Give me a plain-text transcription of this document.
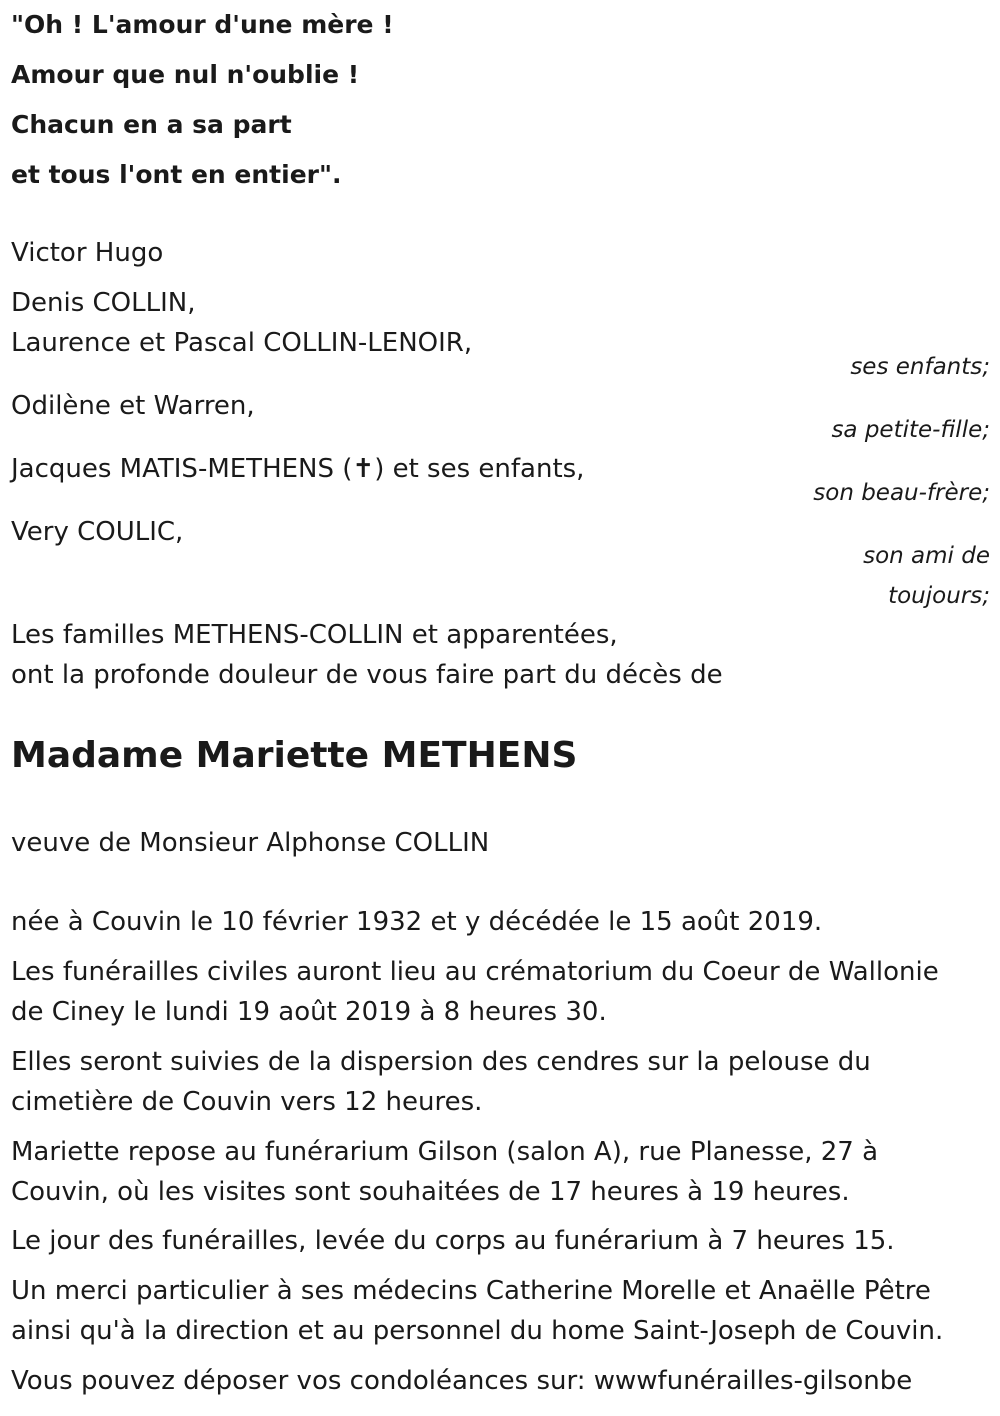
"Oh ! L'amour d'une mère !
Amour que nul n'oublie !
Chacun en a sa part
et tous l'ont en entier".
Victor Hugo
Denis COLLIN,
Laurence et Pascal COLLIN-LENOIR,
ses enfants;
Odilène et Warren,
sa petite-fille;
Jacques MATIS-METHENS (✝) et ses enfants,
son beau-frère;
Very COULIC,
son ami de
toujours;
Les familles METHENS-COLLIN et apparentées,
ont la profonde douleur de vous faire part du décès de
Madame Mariette METHENS
veuve de Monsieur Alphonse COLLIN
née à Couvin le 10 février 1932 et y décédée le 15 août 2019.
Les funérailles civiles auront lieu au crématorium du Coeur de Wallonie
de Ciney le lundi 19 août 2019 à 8 heures 30.
Elles seront suivies de la dispersion des cendres sur la pelouse du
cimetière de Couvin vers 12 heures.
Mariette repose au funérarium Gilson (salon A), rue Planesse, 27 à
Couvin, où les visites sont souhaitées de 17 heures à 19 heures.
Le jour des funérailles, levée du corps au funérarium à 7 heures 15.
Un merci particulier à ses médecins Catherine Morelle et Anaëlle Pêtre
ainsi qu'à la direction et au personnel du home Saint-Joseph de Couvin.
Vous pouvez déposer vos condoléances sur: wwwfunérailles-gilsonbe
